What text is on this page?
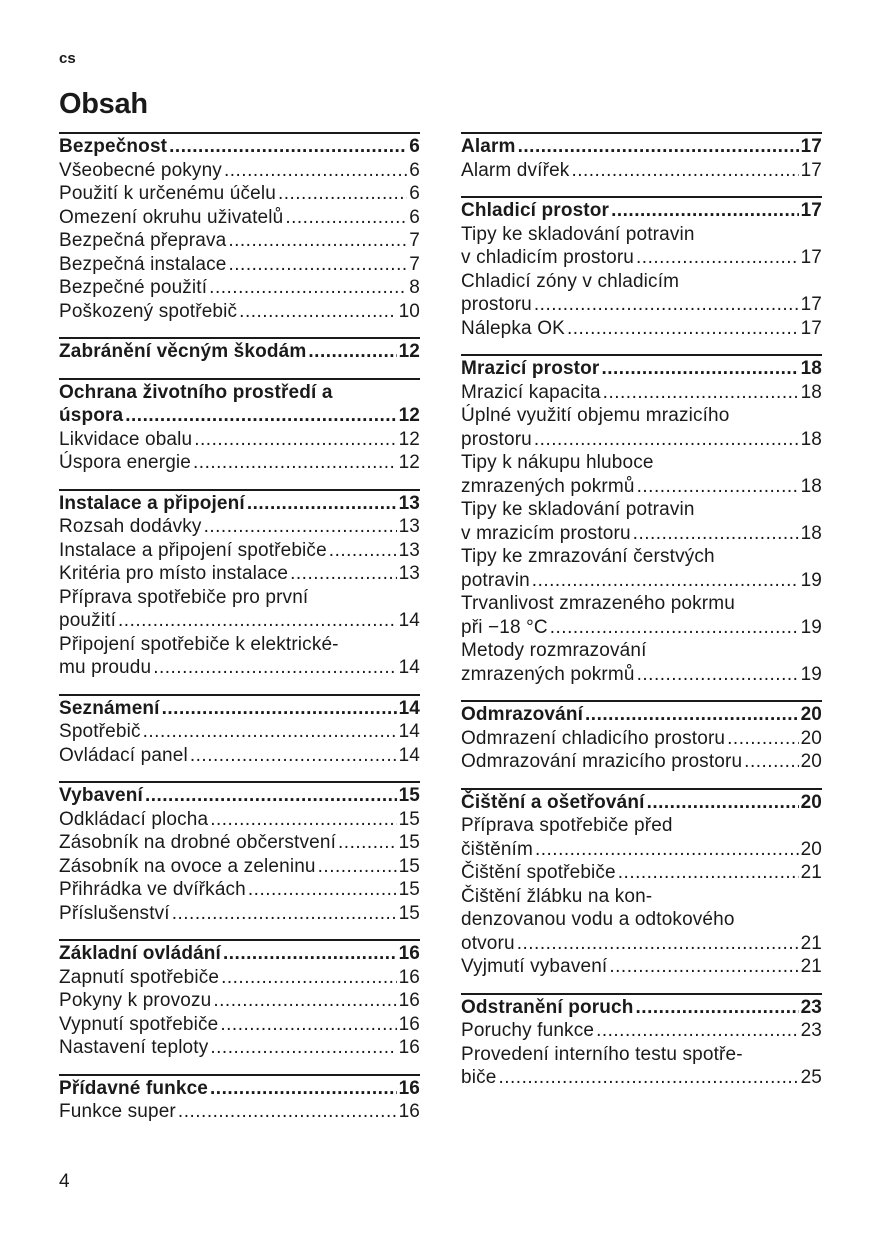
cs
Obsah
Bezpečnost .....	6
Všeobecné pokyny .....	6
Použití k určenému účelu .....	6
Omezení okruhu uživatelů .....	6
Bezpečná přeprava .....	7
Bezpečná instalace .....	7
Bezpečné použití .....	8
Poškozený spotřebič .....	10
Zabránění věcným škodám .....	12
Ochrana životního prostředí a
úspora .....	12
Likvidace obalu .....	12
Úspora energie .....	12
Instalace a připojení .....	13
Rozsah dodávky .....	13
Instalace a připojení spotřebiče .....	13
Kritéria pro místo instalace .....	13
Příprava spotřebiče pro první
použití .....	14
Připojení spotřebiče k elektrické-
mu proudu .....	14
Seznámení .....	14
Spotřebič .....	14
Ovládací panel .....	14
Vybavení .....	15
Odkládací plocha .....	15
Zásobník na drobné občerstvení .....	15
Zásobník na ovoce a zeleninu .....	15
Přihrádka ve dvířkách .....	15
Příslušenství .....	15
Základní ovládání .....	16
Zapnutí spotřebiče .....	16
Pokyny k provozu .....	16
Vypnutí spotřebiče .....	16
Nastavení teploty .....	16
Přídavné funkce .....	16
Funkce super .....	16
Alarm .....	17
Alarm dvířek .....	17
Chladicí prostor .....	17
Tipy ke skladování potravin
v chladicím prostoru .....	17
Chladicí zóny v chladicím
prostoru .....	17
Nálepka OK .....	17
Mrazicí prostor .....	18
Mrazicí kapacita .....	18
Úplné využití objemu mrazicího
prostoru .....	18
Tipy k nákupu hluboce
zmrazených pokrmů .....	18
Tipy ke skladování potravin
v mrazicím prostoru .....	18
Tipy ke zmrazování čerstvých
potravin .....	19
Trvanlivost zmrazeného pokrmu
při −18 °C .....	19
Metody rozmrazování
zmrazených pokrmů .....	19
Odmrazování .....	20
Odmrazení chladicího prostoru .....	20
Odmrazování mrazicího prostoru .....	20
Čištění a ošetřování .....	20
Příprava spotřebiče před
čištěním .....	20
Čištění spotřebiče .....	21
Čištění žlábku na kon-
denzovanou vodu a odtokového
otvoru .....	21
Vyjmutí vybavení .....	21
Odstranění poruch .....	23
Poruchy funkce .....	23
Provedení interního testu spotře-
biče .....	25
4
